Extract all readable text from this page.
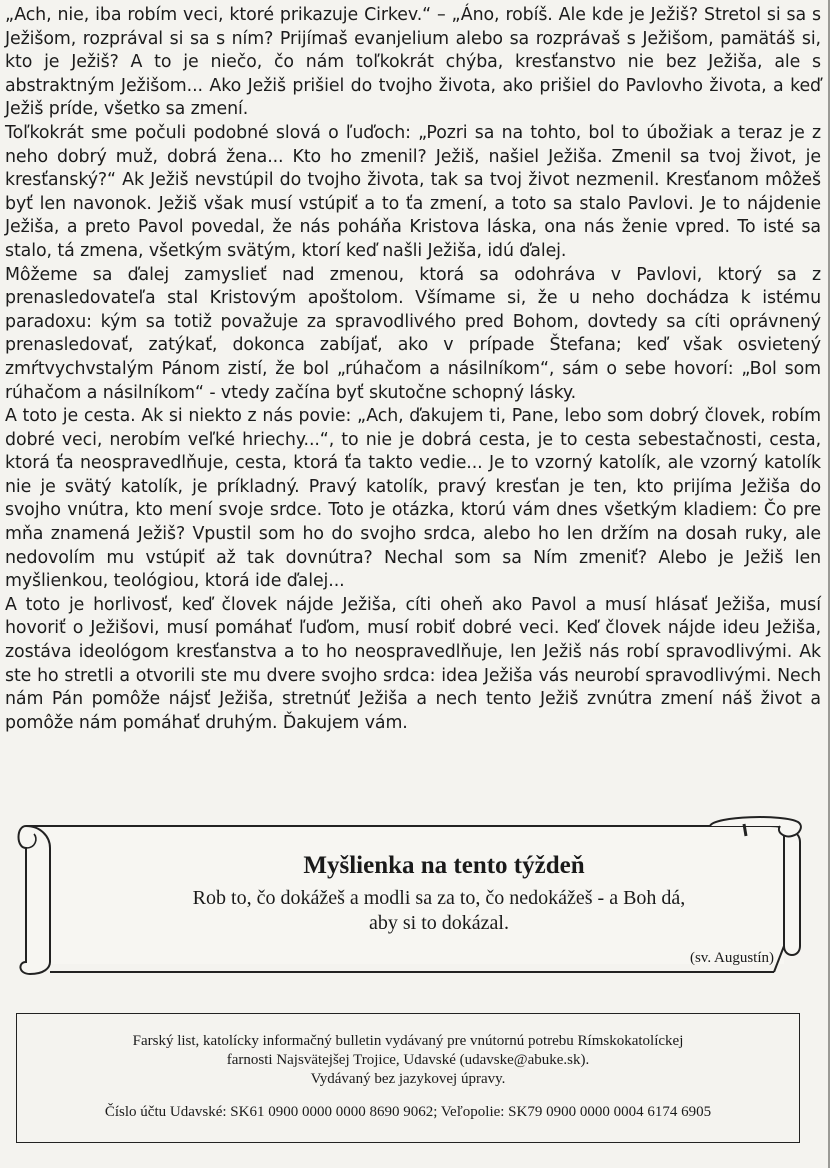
„Ach, nie, iba robím veci, ktoré prikazuje Cirkev.“ – „Áno, robíš. Ale kde je Ježiš? Stretol si sa s Ježišom, rozprával si sa s ním? Prijímaš evanjelium alebo sa rozprávaš s Ježišom, pamätáš si, kto je Ježiš? A to je niečo, čo nám toľkokrát chýba, kresťanstvo nie bez Ježiša, ale s abstraktným Ježišom... Ako Ježiš prišiel do tvojho života, ako prišiel do Pavlovho života, a keď Ježiš príde, všetko sa zmení.

Toľkokrát sme počuli podobné slová o ľuďoch: „Pozri sa na tohto, bol to úbožiak a teraz je z neho dobrý muž, dobrá žena... Kto ho zmenil? Ježiš, našiel Ježiša. Zmenil sa tvoj život, je kresťanský?“ Ak Ježiš nevstúpil do tvojho života, tak sa tvoj život nezmenil. Kresťanom môžeš byť len navonok. Ježiš však musí vstúpiť a to ťa zmení, a toto sa stalo Pavlovi. Je to nájdenie Ježiša, a preto Pavol povedal, že nás poháňa Kristova láska, ona nás ženie vpred. To isté sa stalo, tá zmena, všetkým svätým, ktorí keď našli Ježiša, idú ďalej.

Môžeme sa ďalej zamyslieť nad zmenou, ktorá sa odohráva v Pavlovi, ktorý sa z prenasledovateľa stal Kristovým apoštolom. Všímame si, že u neho dochádza k istému paradoxu: kým sa totiž považuje za spravodlivého pred Bohom, dovtedy sa cíti oprávnený prenasledovať, zatýkať, dokonca zabíjať, ako v prípade Štefana; keď však osvietený zmŕtvychvstalým Pánom zistí, že bol „rúhačom a násilníkom“, sám o sebe hovorí: „Bol som rúhačom a násilníkom“ - vtedy začína byť skutočne schopný lásky.

A toto je cesta. Ak si niekto z nás povie: „Ach, ďakujem ti, Pane, lebo som dobrý človek, robím dobré veci, nerobím veľké hriechy...“, to nie je dobrá cesta, je to cesta sebestačnosti, cesta, ktorá ťa neospravedlňuje, cesta, ktorá ťa takto vedie... Je to vzorný katolík, ale vzorný katolík nie je svätý katolík, je príkladný. Pravý katolík, pravý kresťan je ten, kto prijíma Ježiša do svojho vnútra, kto mení svoje srdce. Toto je otázka, ktorú vám dnes všetkým kladiem: Čo pre mňa znamená Ježiš? Vpustil som ho do svojho srdca, alebo ho len držím na dosah ruky, ale nedovolím mu vstúpiť až tak dovnútra? Nechal som sa Ním zmeniť? Alebo je Ježiš len myšlienkou, teológiou, ktorá ide ďalej...

A toto je horlivosť, keď človek nájde Ježiša, cíti oheň ako Pavol a musí hlásať Ježiša, musí hovoriť o Ježišovi, musí pomáhať ľuďom, musí robiť dobré veci. Keď človek nájde ideu Ježiša, zostáva ideológom kresťanstva a to ho neospravedlňuje, len Ježiš nás robí spravodlivými. Ak ste ho stretli a otvorili ste mu dvere svojho srdca: idea Ježiša vás neurobí spravodlivými. Nech nám Pán pomôže nájsť Ježiša, stretnúť Ježiša a nech tento Ježiš zvnútra zmení náš život a pomôže nám pomáhať druhým. Ďakujem vám.

Myšlienka na tento týždeň
Rob to, čo dokážeš a modli sa za to, čo nedokážeš - a Boh dá,
aby si to dokázal.
(sv. Augustín)
Farský list, katolícky informačný bulletin vydávaný pre vnútornú potrebu Rímskokatolíckej
farnosti Najsvätejšej Trojice, Udavské (udavske@abuke.sk).
Vydávaný bez jazykovej úpravy.
Číslo účtu Udavské: SK61 0900 0000 0000 8690 9062; Veľopolie: SK79 0900 0000 0004 6174 6905
